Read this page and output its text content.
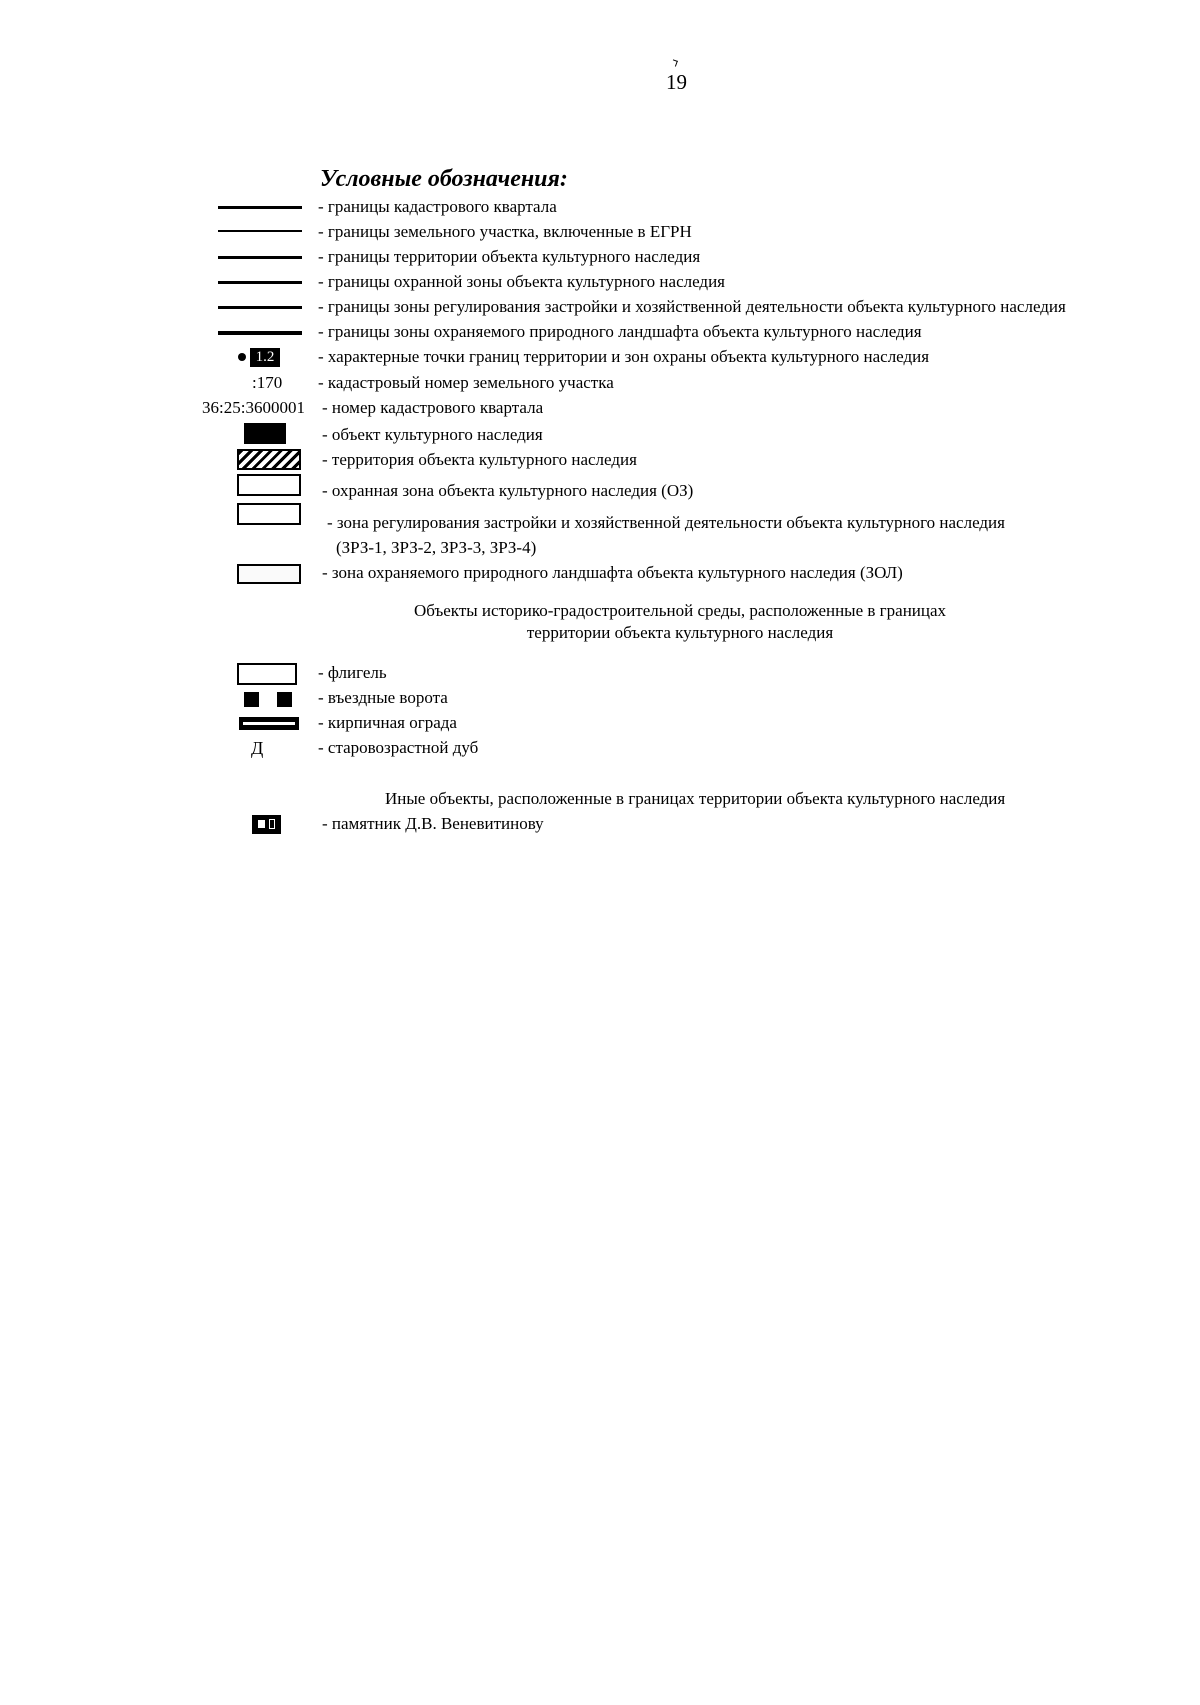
19
Условные обозначения:
1.2
:170
36:25:3600001
- границы кадастрового квартала
- границы земельного участка, включенные в ЕГРН
- границы территории объекта культурного наследия
- границы охранной зоны объекта культурного наследия
- границы зоны регулирования застройки и хозяйственной деятельности объекта культурного наследия
- границы зоны охраняемого природного ландшафта объекта культурного наследия
- характерные точки границ территории и зон охраны объекта культурного наследия
- кадастровый номер земельного участка
- номер кадастрового квартала
- объект культурного наследия
- территория объекта культурного наследия
- охранная зона объекта культурного наследия (ОЗ)
- зона регулирования застройки и хозяйственной деятельности объекта культурного наследия
(ЗРЗ-1, ЗРЗ-2, ЗРЗ-3, ЗРЗ-4)
- зона охраняемого природного ландшафта объекта культурного наследия (ЗОЛ)
Объекты историко-градостроительной среды, расположенные в границах
территории объекта культурного наследия
Д
- флигель
- въездные ворота
- кирпичная ограда
- старовозрастной дуб
Иные объекты, расположенные в границах территории объекта культурного наследия
- памятник Д.В. Веневитинову
